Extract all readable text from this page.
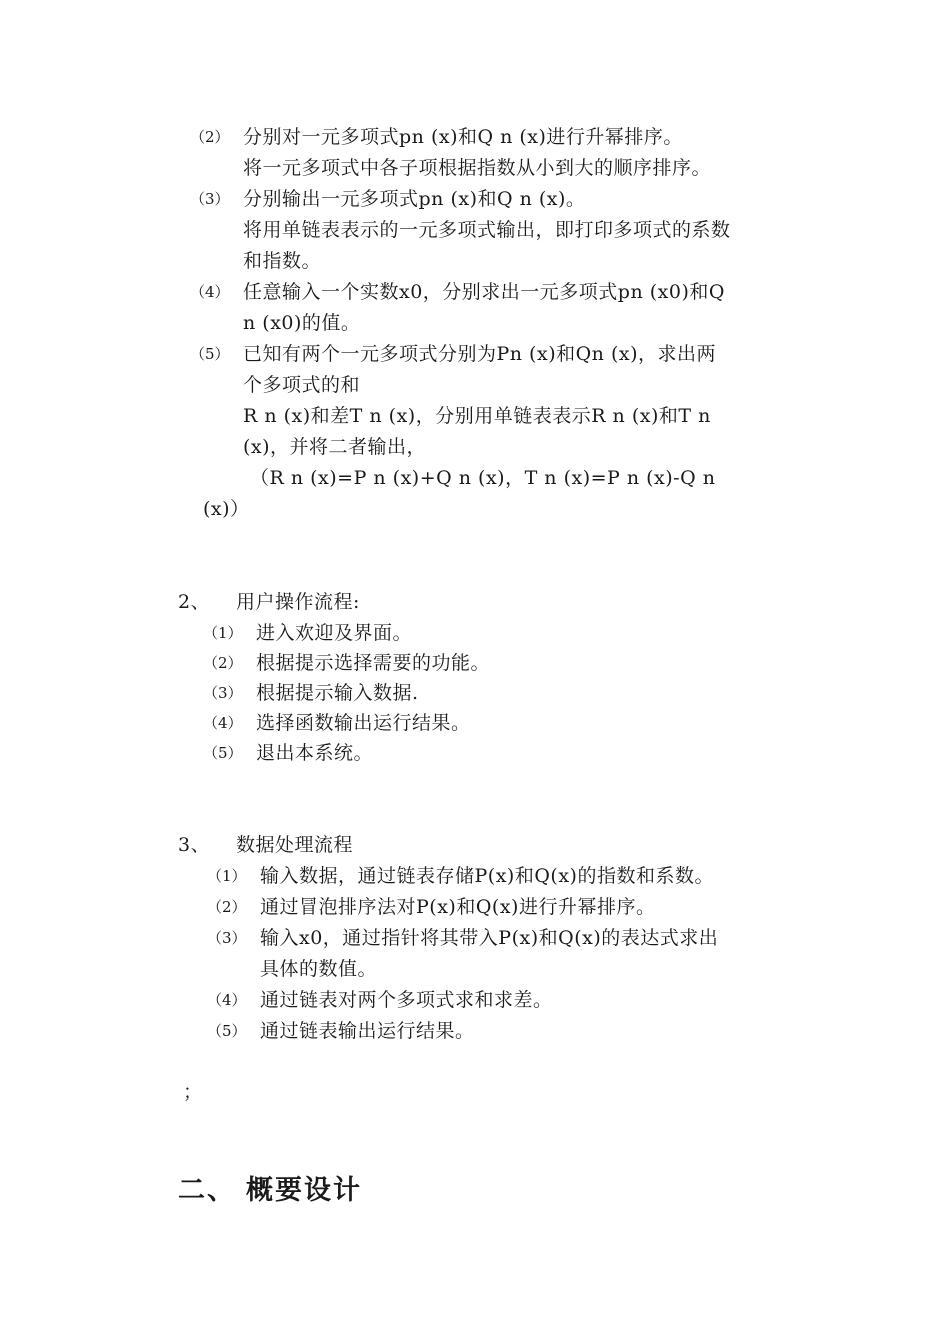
（2） 分别对一元多项式pn (x)和Q n (x)进行升幂排序。
将一元多项式中各子项根据指数从小到大的顺序排序。
（3） 分别输出一元多项式pn (x)和Q n (x)。
将用单链表表示的一元多项式输出，即打印多项式的系数
和指数。
（4） 任意输入一个实数x0，分别求出一元多项式pn (x0)和Q
n (x0)的值。
（5） 已知有两个一元多项式分别为Pn (x)和Qn (x)，求出两
个多项式的和
R n (x)和差T n (x)，分别用单链表表示R n (x)和T n
(x)，并将二者输出，
（R n (x)=P n (x)+Q n (x)，T n (x)=P n (x)-Q n
(x)）
2、 用户操作流程:
（1） 进入欢迎及界面。
（2） 根据提示选择需要的功能。
（3） 根据提示输入数据.
（4） 选择函数输出运行结果。
（5） 退出本系统。
3、 数据处理流程
（1） 输入数据，通过链表存储P(x)和Q(x)的指数和系数。
（2） 通过冒泡排序法对P(x)和Q(x)进行升幂排序。
（3） 输入x0，通过指针将其带入P(x)和Q(x)的表达式求出
具体的数值。
（4） 通过链表对两个多项式求和求差。
（5） 通过链表输出运行结果。
；
二、 概要设计
